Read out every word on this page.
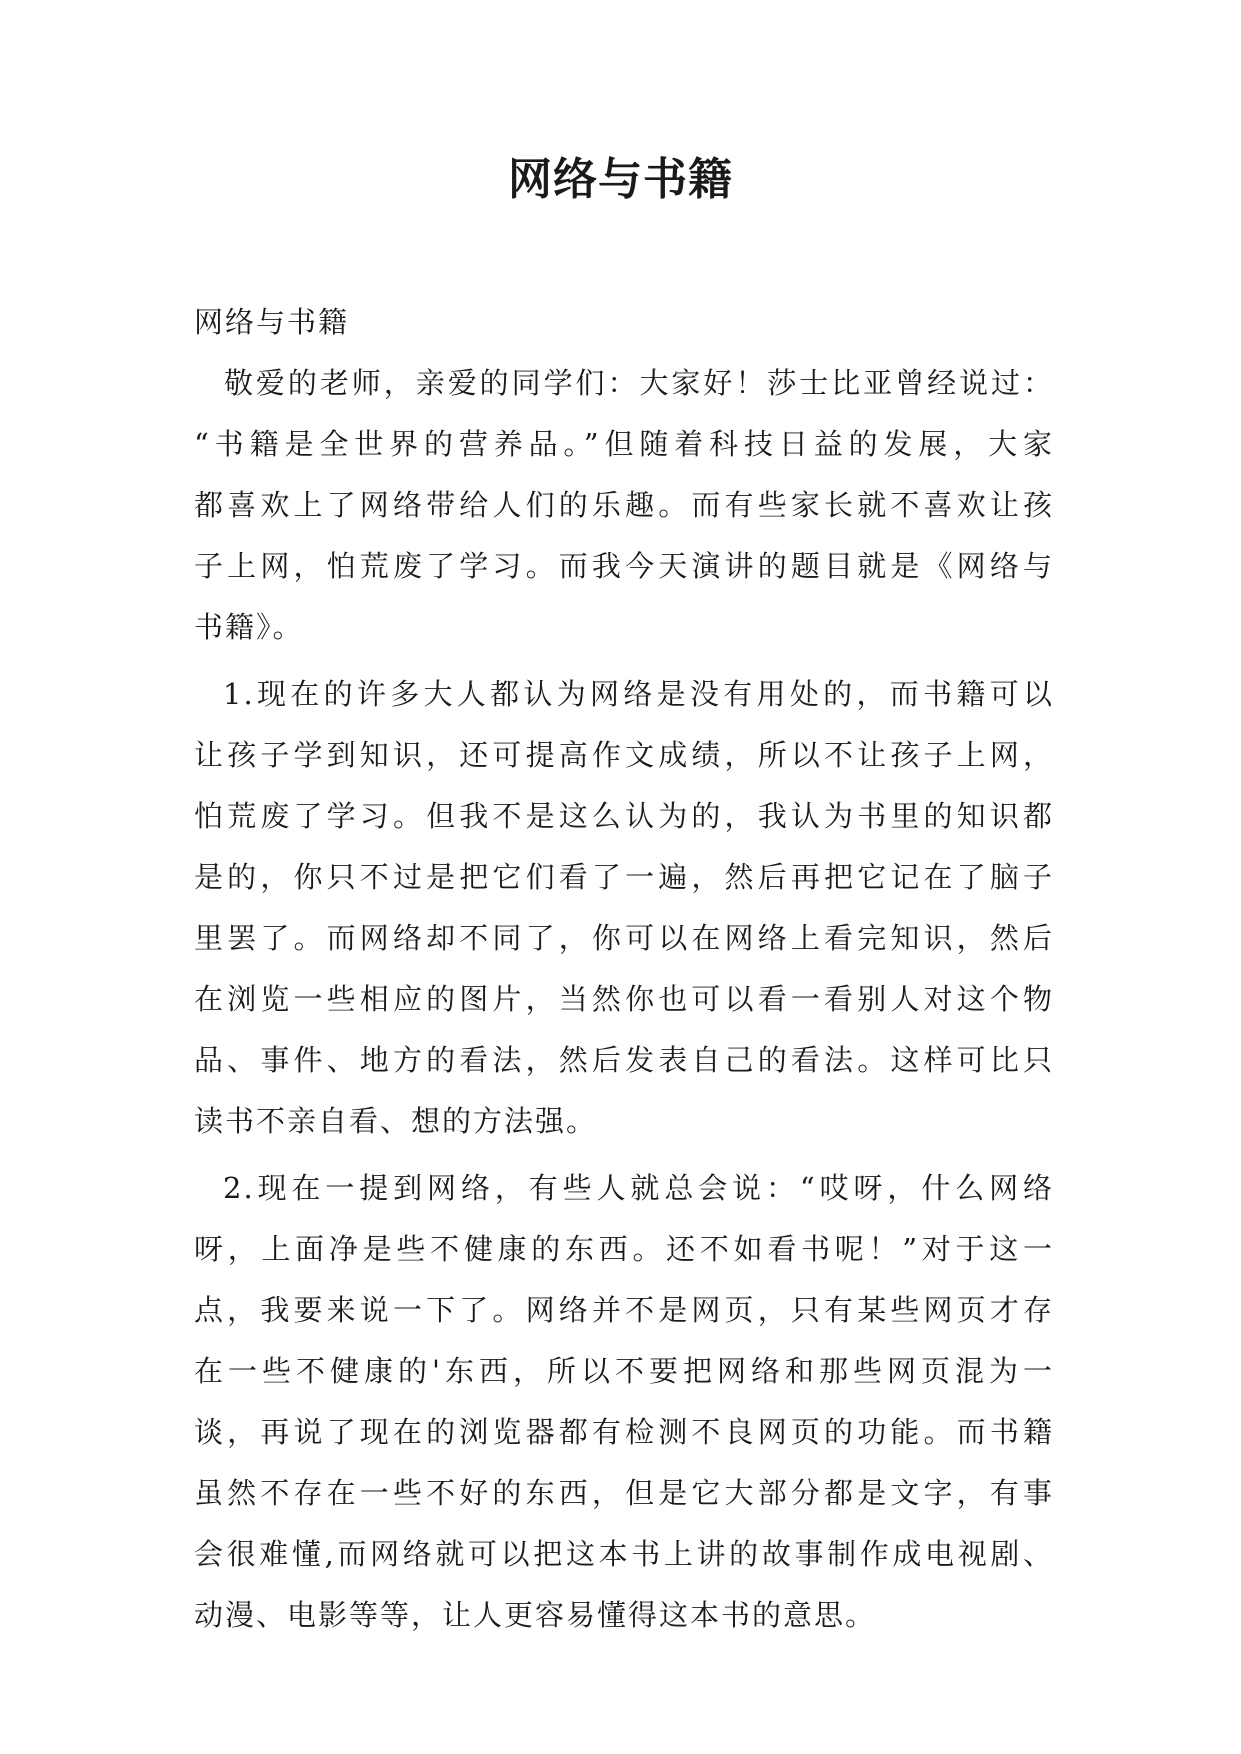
网络与书籍
网络与书籍
敬爱的老师，亲爱的同学们：大家好！莎士比亚曾经说过：
“书籍是全世界的营养品。”但随着科技日益的发展，大家
都喜欢上了网络带给人们的乐趣。而有些家长就不喜欢让孩
子上网，怕荒废了学习。而我今天演讲的题目就是《网络与
书籍》。
1.现在的许多大人都认为网络是没有用处的，而书籍可以
让孩子学到知识，还可提高作文成绩，所以不让孩子上网，
怕荒废了学习。但我不是这么认为的，我认为书里的知识都
是的，你只不过是把它们看了一遍，然后再把它记在了脑子
里罢了。而网络却不同了，你可以在网络上看完知识，然后
在浏览一些相应的图片，当然你也可以看一看别人对这个物
品、事件、地方的看法，然后发表自己的看法。这样可比只
读书不亲自看、想的方法强。
2.现在一提到网络，有些人就总会说：“哎呀，什么网络
呀，上面净是些不健康的东西。还不如看书呢！”对于这一
点，我要来说一下了。网络并不是网页，只有某些网页才存
在一些不健康的'东西，所以不要把网络和那些网页混为一
谈，再说了现在的浏览器都有检测不良网页的功能。而书籍
虽然不存在一些不好的东西，但是它大部分都是文字，有事
会很难懂,而网络就可以把这本书上讲的故事制作成电视剧、
动漫、电影等等，让人更容易懂得这本书的意思。
